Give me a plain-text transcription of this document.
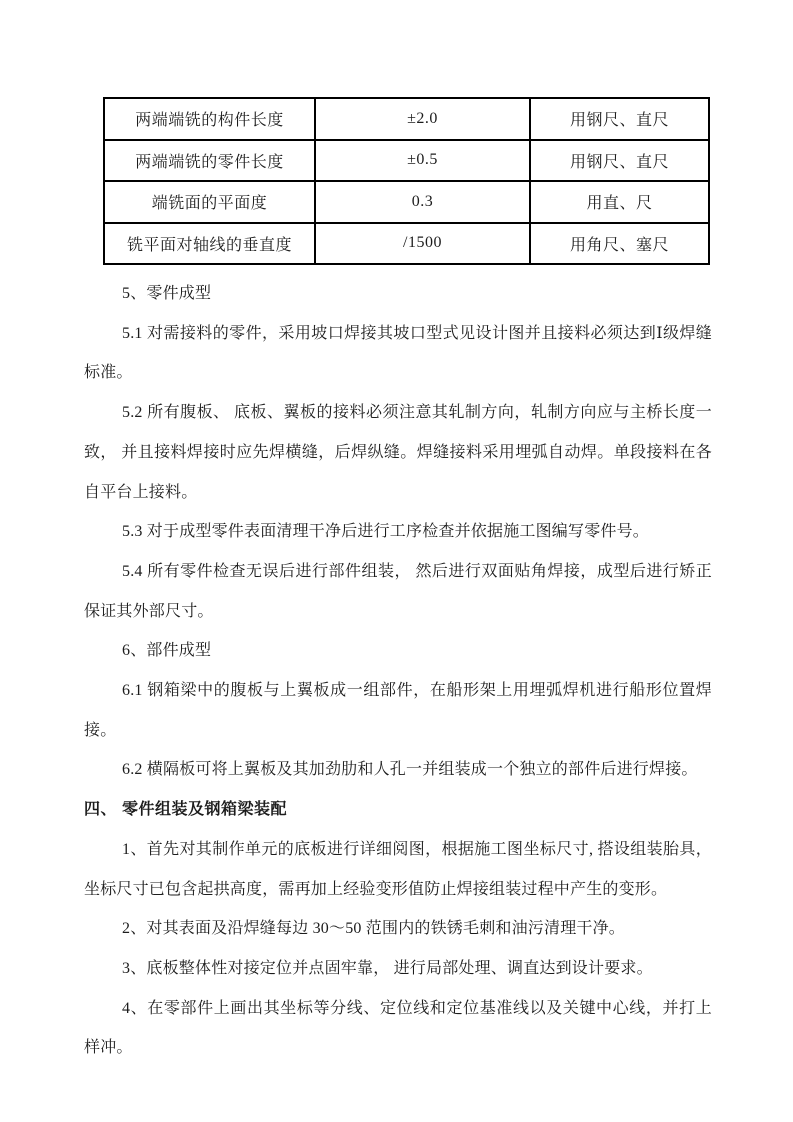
两端端铣的构件长度	±2.0	用钢尺、直尺
两端端铣的零件长度	±0.5	用钢尺、直尺
端铣面的平面度	0.3	用直、尺
铣平面对轴线的垂直度	/1500	用角尺、塞尺

5、零件成型

5.1 对需接料的零件，采用坡口焊接其坡口型式见设计图并且接料必须达到Ⅰ级焊缝标准。

5.2 所有腹板、 底板、翼板的接料必须注意其轧制方向，轧制方向应与主桥长度一致， 并且接料焊接时应先焊横缝，后焊纵缝。焊缝接料采用埋弧自动焊。单段接料在各自平台上接料。

5.3 对于成型零件表面清理干净后进行工序检查并依据施工图编写零件号。

5.4 所有零件检查无误后进行部件组装， 然后进行双面贴角焊接，成型后进行矫正保证其外部尺寸。

6、部件成型

6.1 钢箱梁中的腹板与上翼板成一组部件，在船形架上用埋弧焊机进行船形位置焊接。

6.2 横隔板可将上翼板及其加劲肋和人孔一并组装成一个独立的部件后进行焊接。

四、 零件组装及钢箱梁装配

1、首先对其制作单元的底板进行详细阅图，根据施工图坐标尺寸, 搭设组装胎具， 坐标尺寸已包含起拱高度，需再加上经验变形值防止焊接组装过程中产生的变形。

2、对其表面及沿焊缝每边 30～50 范围内的铁锈毛刺和油污清理干净。

3、底板整体性对接定位并点固牢靠， 进行局部处理、调直达到设计要求。

4、在零部件上画出其坐标等分线、定位线和定位基准线以及关键中心线，并打上样冲。
